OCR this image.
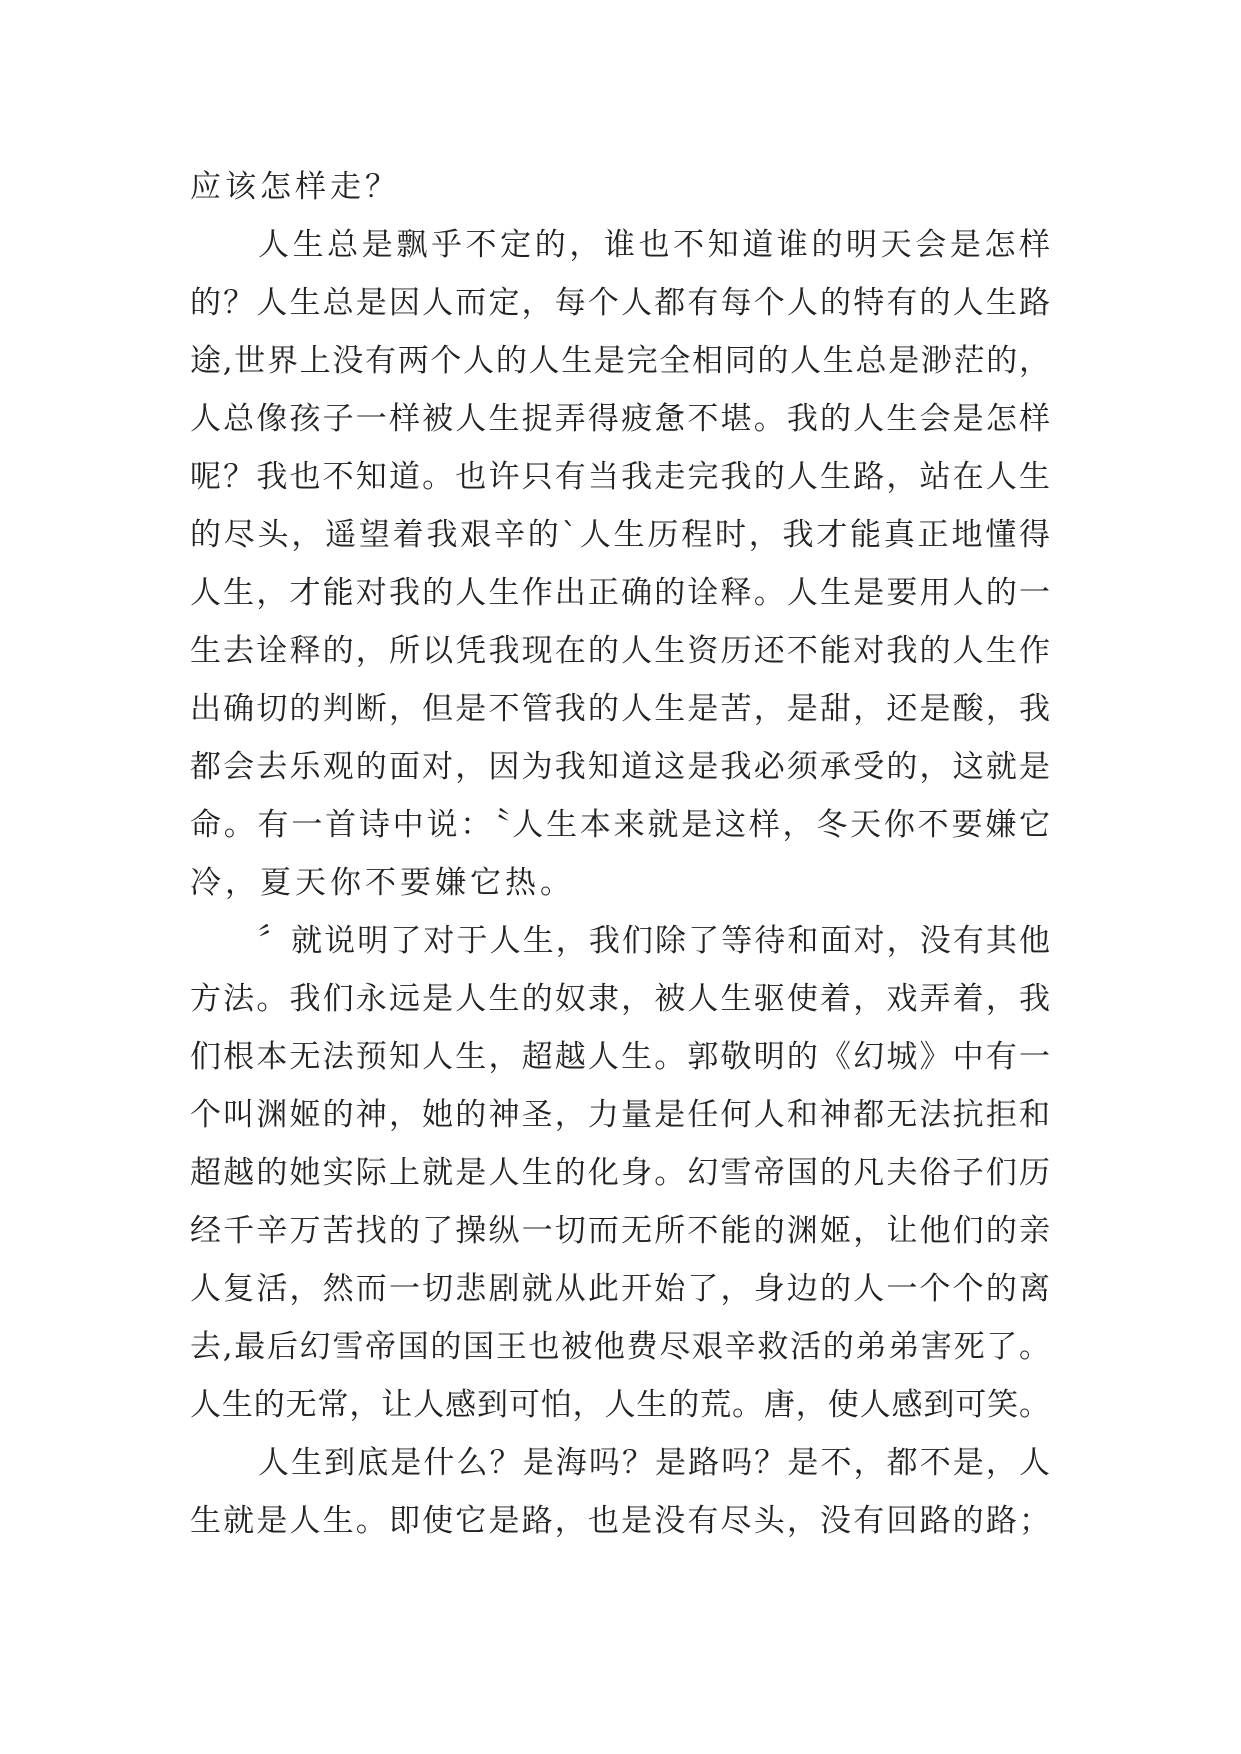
应该怎样走？
人生总是飘乎不定的，谁也不知道谁的明天会是怎样
的？人生总是因人而定，每个人都有每个人的特有的人生路
途,世界上没有两个人的人生是完全相同的人生总是渺茫的，
人总像孩子一样被人生捉弄得疲惫不堪。我的人生会是怎样
呢？我也不知道。也许只有当我走完我的人生路，站在人生
的尽头，遥望着我艰辛的`人生历程时，我才能真正地懂得
人生，才能对我的人生作出正确的诠释。人生是要用人的一
生去诠释的，所以凭我现在的人生资历还不能对我的人生作
出确切的判断，但是不管我的人生是苦，是甜，还是酸，我
都会去乐观的面对，因为我知道这是我必须承受的，这就是
命。有一首诗中说：〝人生本来就是这样，冬天你不要嫌它
冷，夏天你不要嫌它热。
〞就说明了对于人生，我们除了等待和面对，没有其他
方法。我们永远是人生的奴隶，被人生驱使着，戏弄着，我
们根本无法预知人生，超越人生。郭敬明的《幻城》中有一
个叫渊姬的神，她的神圣，力量是任何人和神都无法抗拒和
超越的她实际上就是人生的化身。幻雪帝国的凡夫俗子们历
经千辛万苦找的了操纵一切而无所不能的渊姬，让他们的亲
人复活，然而一切悲剧就从此开始了，身边的人一个个的离
去,最后幻雪帝国的国王也被他费尽艰辛救活的弟弟害死了。
人生的无常，让人感到可怕，人生的荒。唐，使人感到可笑。
人生到底是什么？是海吗？是路吗？是不，都不是，人
生就是人生。即使它是路，也是没有尽头，没有回路的路；
